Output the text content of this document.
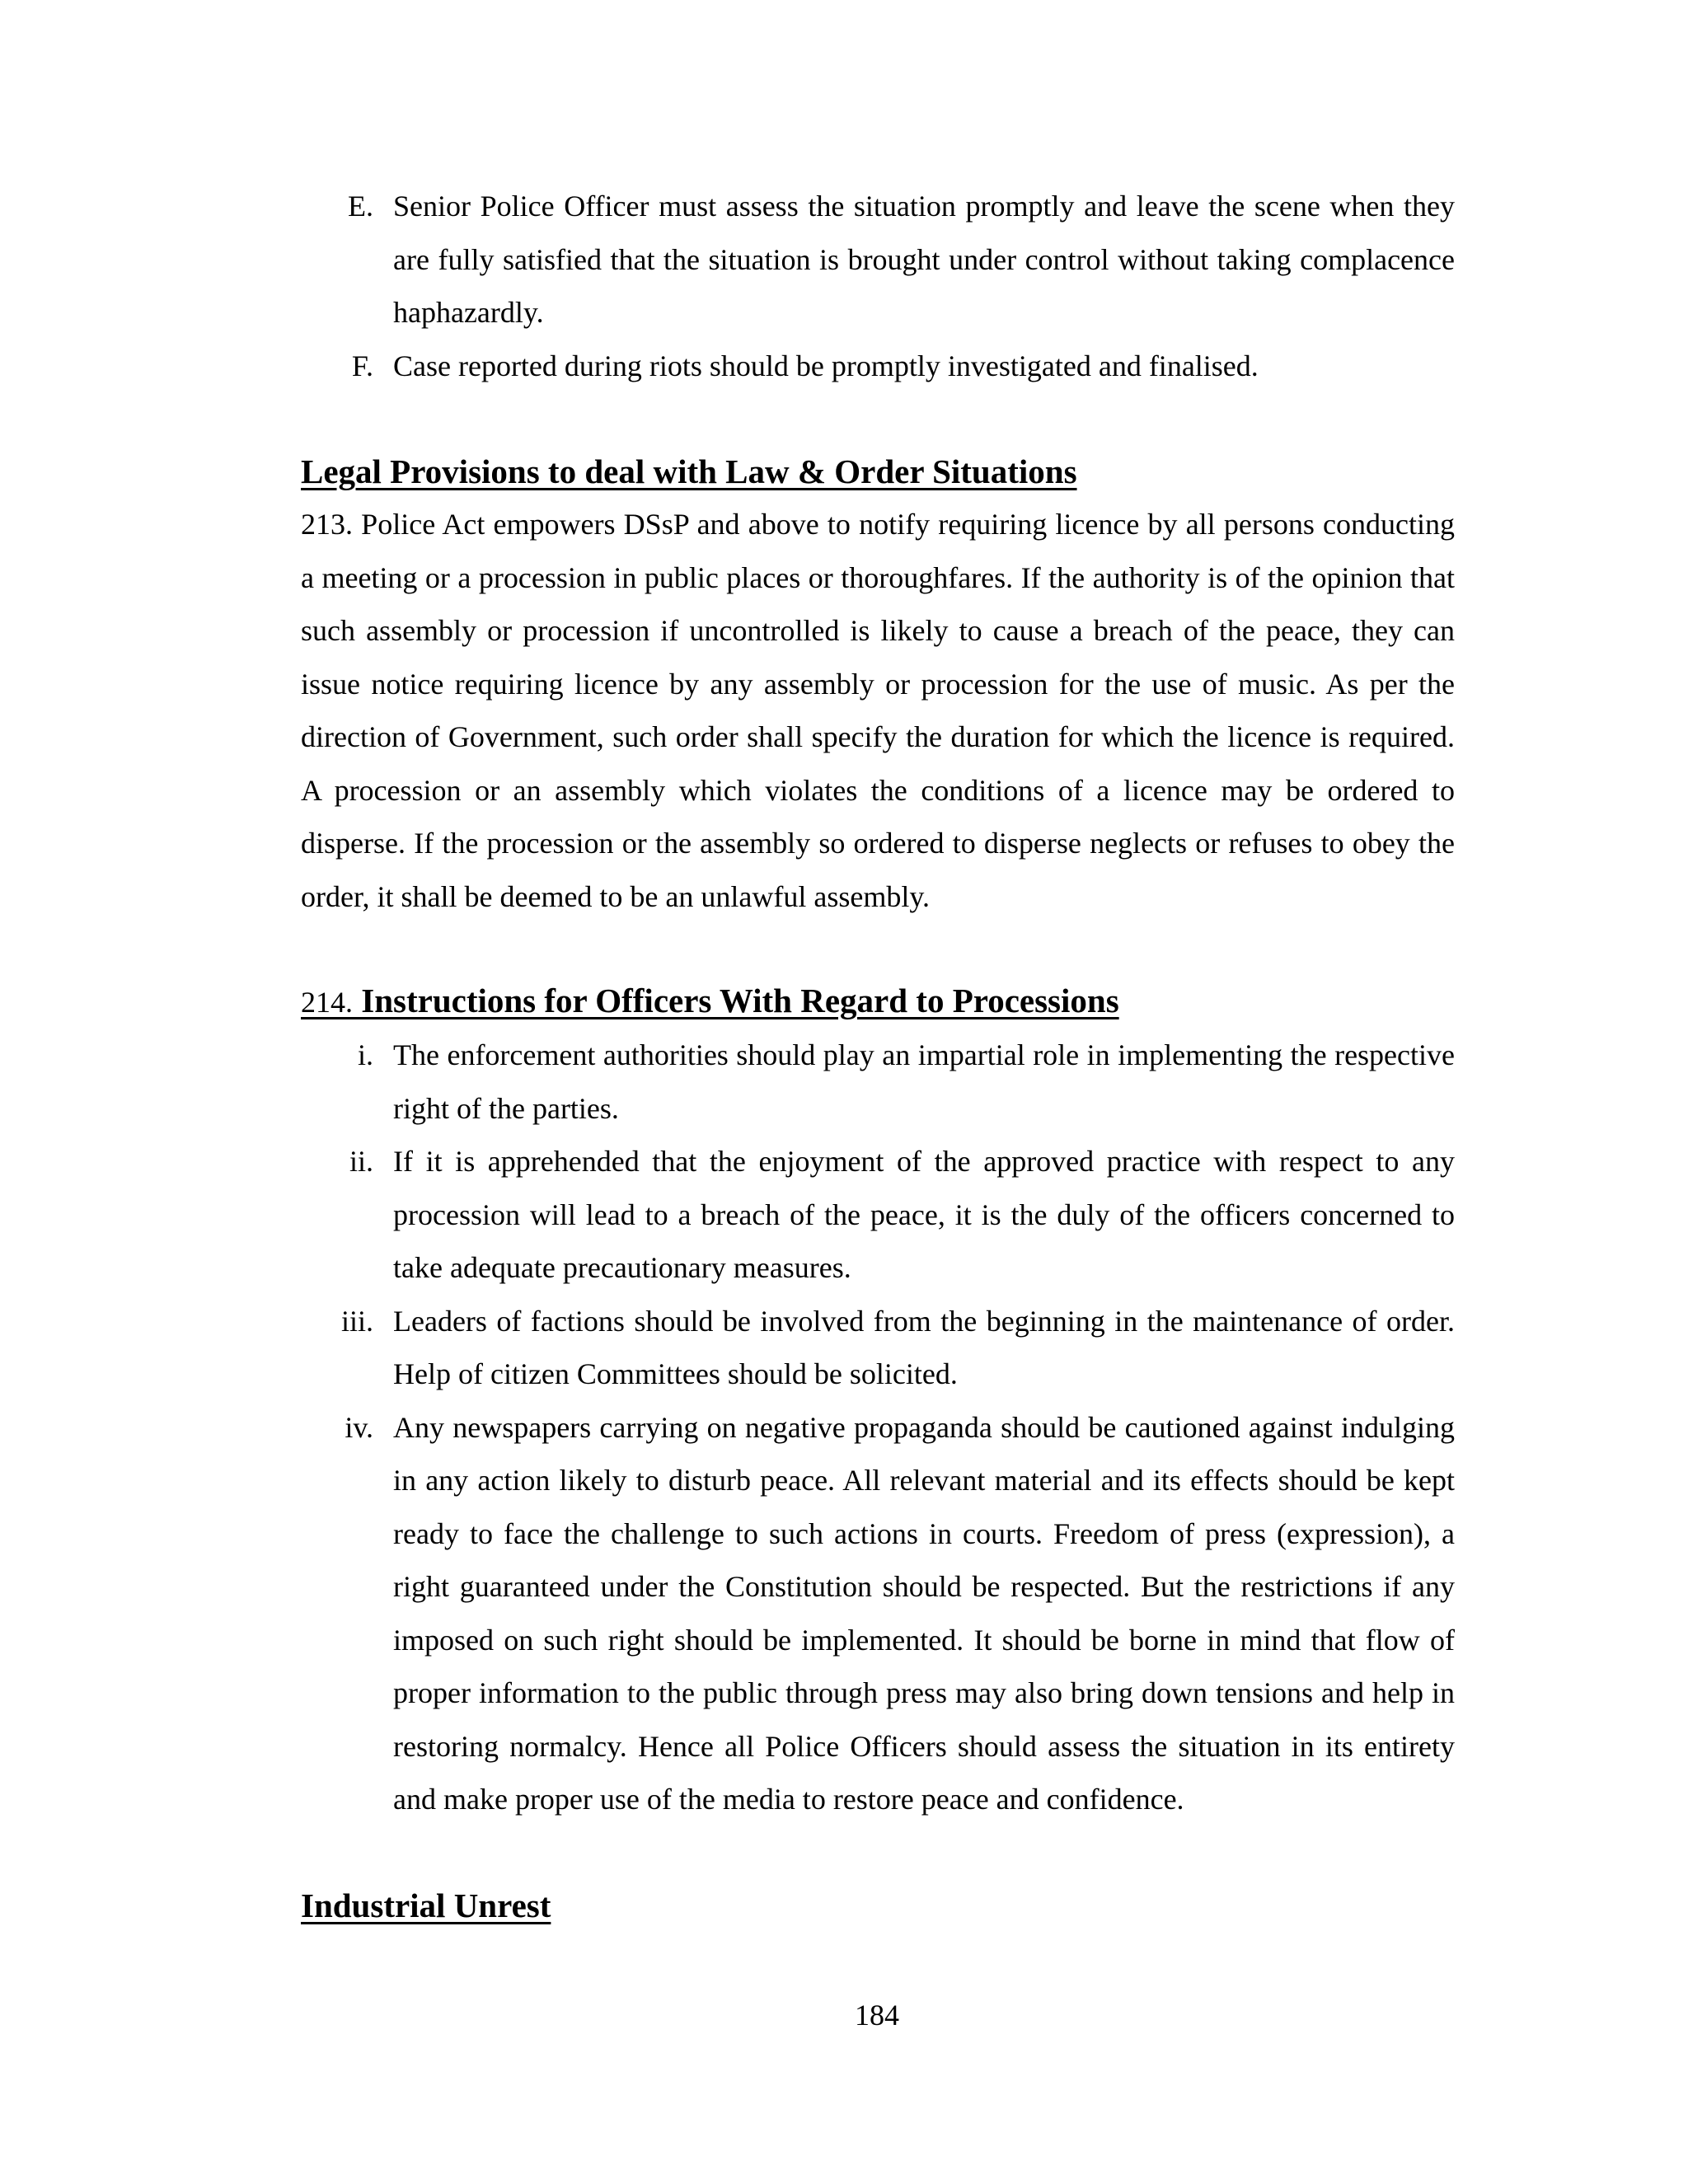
E. Senior Police Officer must assess the situation promptly and leave the scene when they are fully satisfied that the situation is brought under control without taking complacence haphazardly.
F. Case reported during riots should be promptly investigated and finalised.
Legal Provisions to deal with Law & Order Situations

213. Police Act empowers DSsP and above to notify requiring licence by all persons conducting a meeting or a procession in public places or thoroughfares. If the authority is of the opinion that such assembly or procession if uncontrolled is likely to cause a breach of the peace, they can issue notice requiring licence by any assembly or procession for the use of music. As per the direction of Government, such order shall specify the duration for which the licence is required. A procession or an assembly which violates the conditions of a licence may be ordered to disperse. If the procession or the assembly so ordered to disperse neglects or refuses to obey the order, it shall be deemed to be an unlawful assembly.

214. Instructions for Officers With Regard to Processions
i. The enforcement authorities should play an impartial role in implementing the respective right of the parties.
ii. If it is apprehended that the enjoyment of the approved practice with respect to any procession will lead to a breach of the peace, it is the duly of the officers concerned to take adequate precautionary measures.
iii. Leaders of factions should be involved from the beginning in the maintenance of order. Help of citizen Committees should be solicited.
iv. Any newspapers carrying on negative propaganda should be cautioned against indulging in any action likely to disturb peace. All relevant material and its effects should be kept ready to face the challenge to such actions in courts. Freedom of press (expression), a right guaranteed under the Constitution should be respected. But the restrictions if any imposed on such right should be implemented. It should be borne in mind that flow of proper information to the public through press may also bring down tensions and help in restoring normalcy. Hence all Police Officers should assess the situation in its entirety and make proper use of the media to restore peace and confidence.
Industrial Unrest
184
